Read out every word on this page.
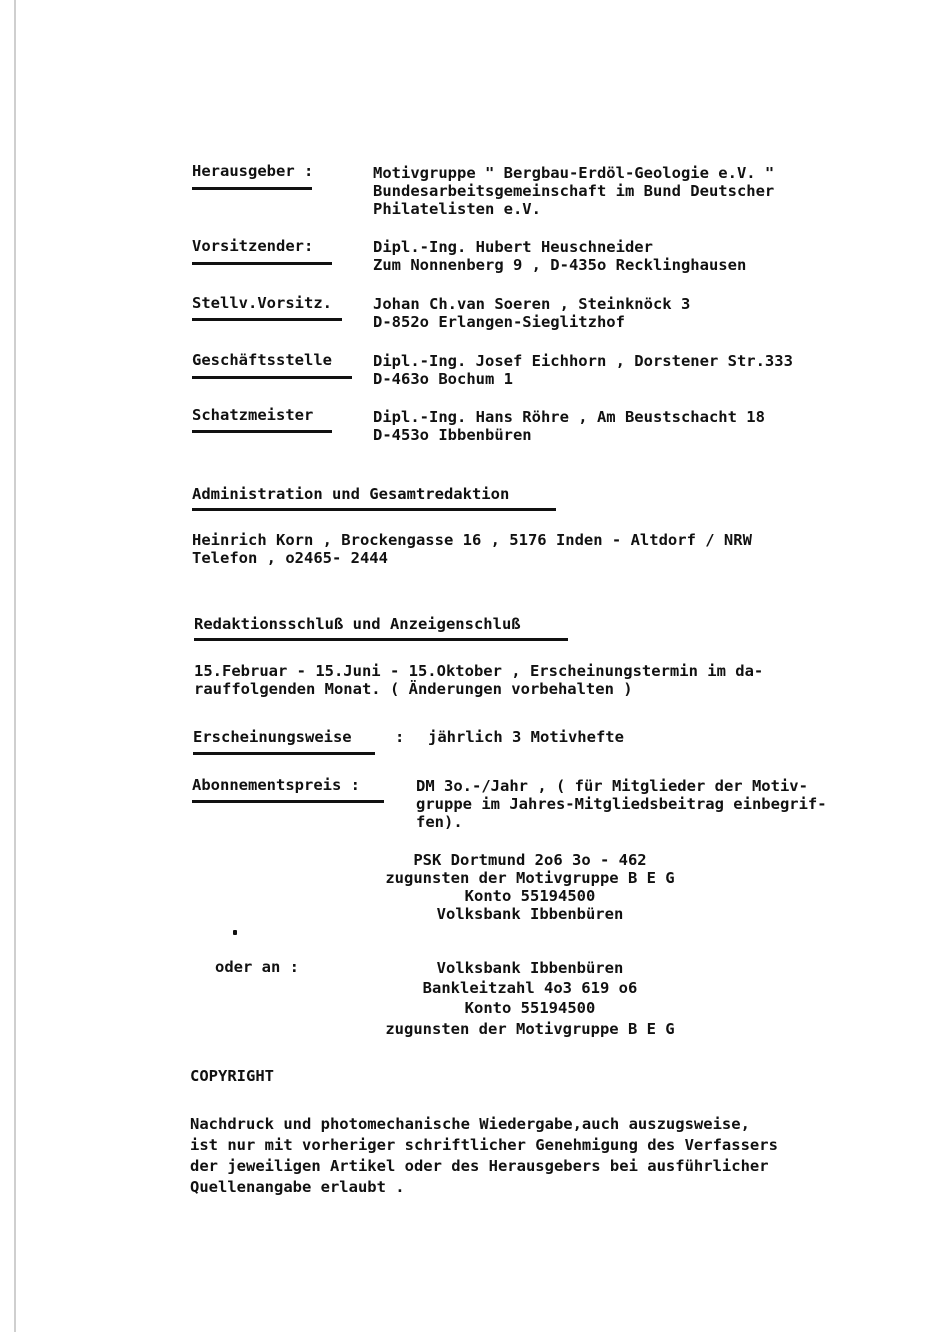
Herausgeber :	Motivgruppe " Bergbau-Erdöl-Geologie e.V. "
Bundesarbeitsgemeinschaft im Bund Deutscher
Philatelisten e.V.
Vorsitzender:	Dipl.-Ing. Hubert Heuschneider
Zum Nonnenberg 9 , D-435o Recklinghausen
Stellv.Vorsitz.	Johan Ch.van Soeren , Steinknöck 3
D-852o Erlangen-Sieglitzhof
Geschäftsstelle	Dipl.-Ing. Josef Eichhorn , Dorstener Str.333
D-463o Bochum 1
Schatzmeister	Dipl.-Ing. Hans Röhre , Am Beustschacht 18
D-453o Ibbenbüren
Administration und Gesamtredaktion
Heinrich Korn , Brockengasse 16 , 5176 Inden - Altdorf / NRW
Telefon , o2465- 2444
Redaktionsschluß und Anzeigenschluß
15.Februar - 15.Juni - 15.Oktober , Erscheinungstermin im da-
rauffolgenden Monat. ( Änderungen vorbehalten )
Erscheinungsweise	: jährlich 3 Motivhefte
Abonnementspreis :	DM 3o.-/Jahr , ( für Mitglieder der Motiv-
gruppe im Jahres-Mitgliedsbeitrag einbegrif-
fen).
PSK Dortmund 2o6 3o - 462
zugunsten der Motivgruppe B E G
Konto 55194500
Volksbank Ibbenbüren
oder an :	Volksbank Ibbenbüren
Bankleitzahl 4o3 619 o6
Konto 55194500
zugunsten der Motivgruppe B E G
COPYRIGHT
Nachdruck und photomechanische Wiedergabe,auch auszugsweise,
ist nur mit vorheriger schriftlicher Genehmigung des Verfassers
der jeweiligen Artikel oder des Herausgebers bei ausführlicher
Quellenangabe erlaubt .
